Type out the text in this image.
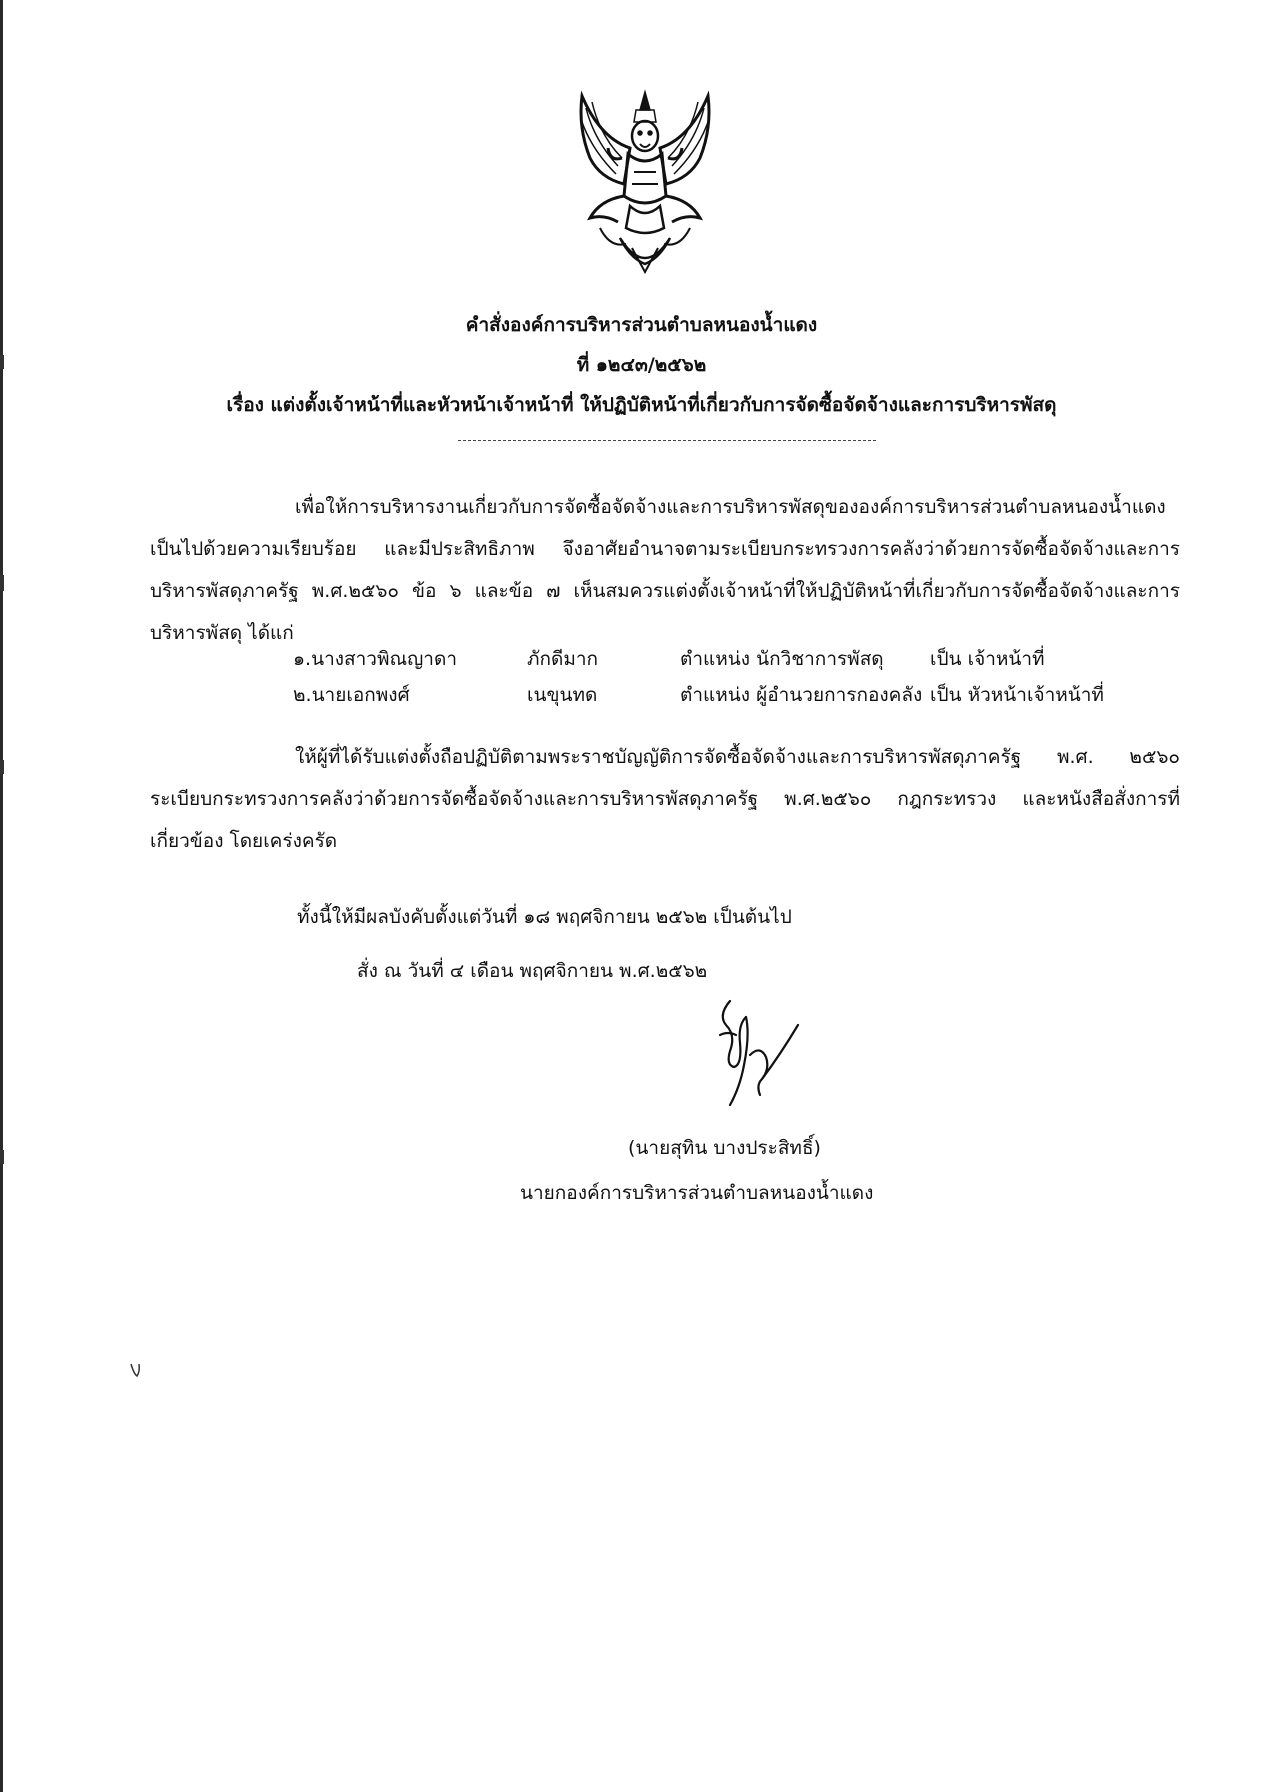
คำสั่งองค์การบริหารส่วนตำบลหนองน้ำแดง
ที่ ๑๒๔๓/๒๕๖๒
เรื่อง แต่งตั้งเจ้าหน้าที่และหัวหน้าเจ้าหน้าที่ ให้ปฏิบัติหน้าที่เกี่ยวกับการจัดซื้อจัดจ้างและการบริหารพัสดุ
เพื่อให้การบริหารงานเกี่ยวกับการจัดซื้อจัดจ้างและการบริหารพัสดุขององค์การบริหารส่วนตำบลหนองน้ำแดง เป็นไปด้วยความเรียบร้อย และมีประสิทธิภาพ จึงอาศัยอำนาจตามระเบียบกระทรวงการคลังว่าด้วยการจัดซื้อจัดจ้างและการบริหารพัสดุภาครัฐ พ.ศ.๒๕๖๐ ข้อ ๖ และข้อ ๗ เห็นสมควรแต่งตั้งเจ้าหน้าที่ให้ปฏิบัติหน้าที่เกี่ยวกับการจัดซื้อจัดจ้างและการบริหารพัสดุ ได้แก่
๑.นางสาวพิณญาดา	ภักดีมาก	ตำแหน่ง นักวิชาการพัสดุ เป็น เจ้าหน้าที่
๒.นายเอกพงศ์	เนขุนทด	ตำแหน่ง ผู้อำนวยการกองคลัง เป็น หัวหน้าเจ้าหน้าที่
ให้ผู้ที่ได้รับแต่งตั้งถือปฏิบัติตามพระราชบัญญัติการจัดซื้อจัดจ้างและการบริหารพัสดุภาครัฐ พ.ศ. ๒๕๖๐ ระเบียบกระทรวงการคลังว่าด้วยการจัดซื้อจัดจ้างและการบริหารพัสดุภาครัฐ พ.ศ.๒๕๖๐ กฎกระทรวง และหนังสือสั่งการที่เกี่ยวข้อง โดยเคร่งครัด
ทั้งนี้ให้มีผลบังคับตั้งแต่วันที่ ๑๘ พฤศจิกายน ๒๕๖๒ เป็นต้นไป
สั่ง ณ วันที่ ๔ เดือน พฤศจิกายน พ.ศ.๒๕๖๒
(นายสุทิน บางประสิทธิ์)
นายกองค์การบริหารส่วนตำบลหนองน้ำแดง
